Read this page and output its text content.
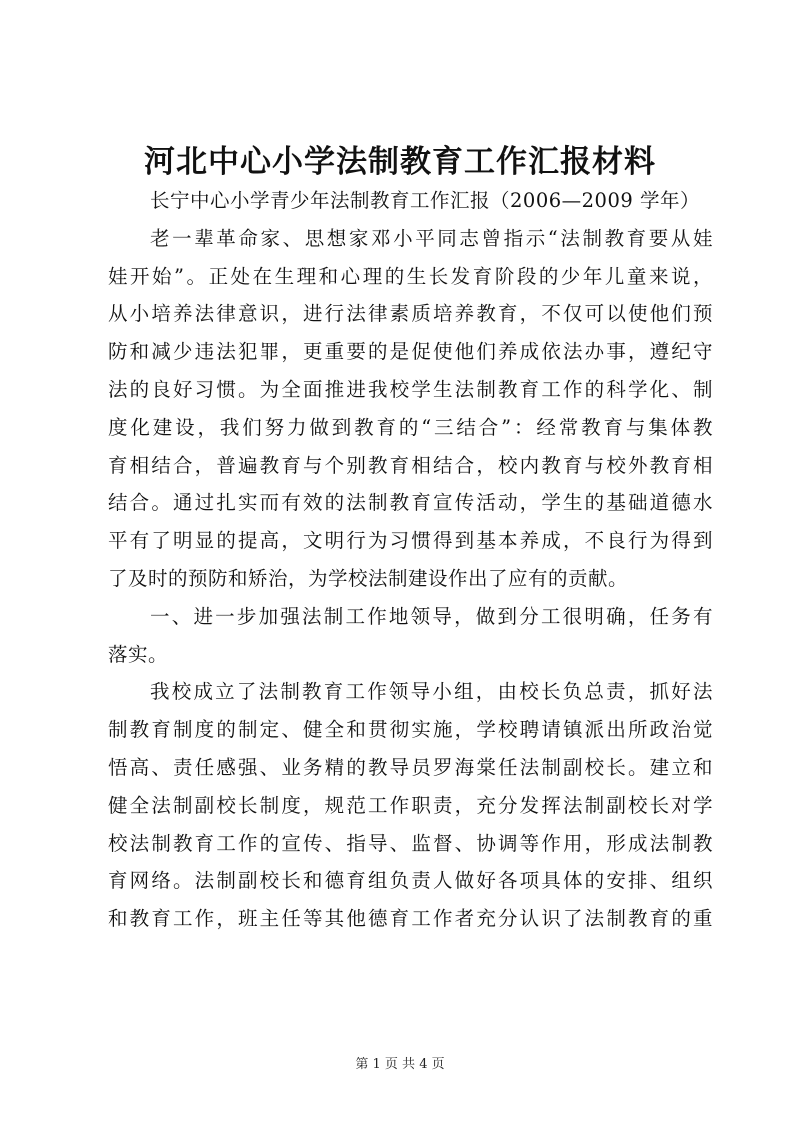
河北中心小学法制教育工作汇报材料
长宁中心小学青少年法制教育工作汇报（2006—2009 学年）
老一辈革命家、思想家邓小平同志曾指示“法制教育要从娃
娃开始”。正处在生理和心理的生长发育阶段的少年儿童来说，
从小培养法律意识，进行法律素质培养教育，不仅可以使他们预
防和减少违法犯罪，更重要的是促使他们养成依法办事，遵纪守
法的良好习惯。为全面推进我校学生法制教育工作的科学化、制
度化建设，我们努力做到教育的“三结合”：经常教育与集体教
育相结合，普遍教育与个别教育相结合，校内教育与校外教育相
结合。通过扎实而有效的法制教育宣传活动，学生的基础道德水
平有了明显的提高，文明行为习惯得到基本养成，不良行为得到
了及时的预防和矫治，为学校法制建设作出了应有的贡献。
一、进一步加强法制工作地领导，做到分工很明确，任务有
落实。
我校成立了法制教育工作领导小组，由校长负总责，抓好法
制教育制度的制定、健全和贯彻实施，学校聘请镇派出所政治觉
悟高、责任感强、业务精的教导员罗海棠任法制副校长。建立和
健全法制副校长制度，规范工作职责，充分发挥法制副校长对学
校法制教育工作的宣传、指导、监督、协调等作用，形成法制教
育网络。法制副校长和德育组负责人做好各项具体的安排、组织
和教育工作，班主任等其他德育工作者充分认识了法制教育的重
第 1 页 共 4 页
